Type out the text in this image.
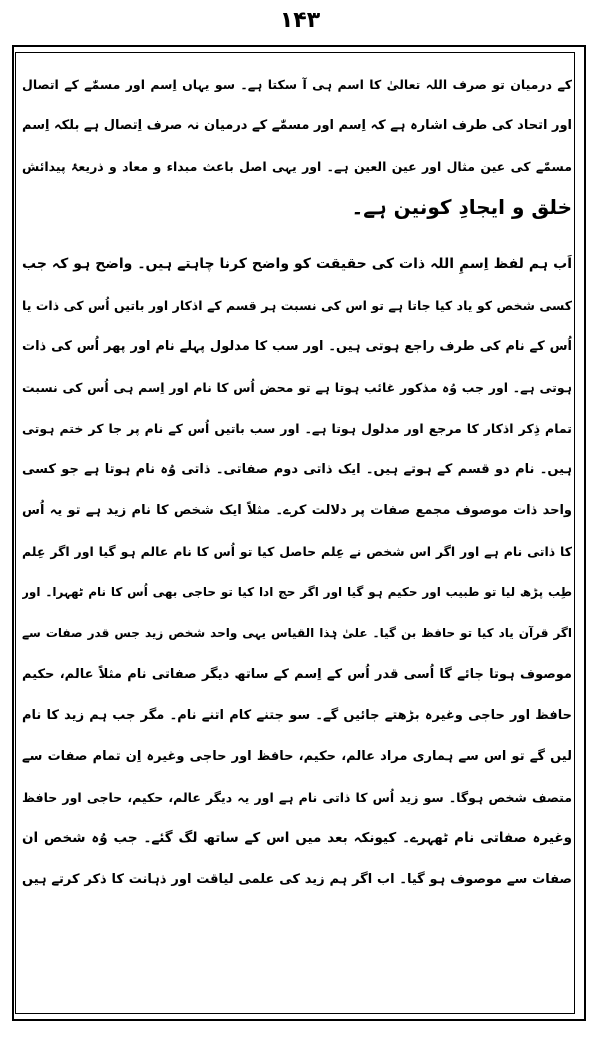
۱۴۳
کے درمیان تو صرف اللہ تعالیٰ کا اسم ہی آ سکتا ہے۔ سو یہاں اِسم اور مسمّٰے کے اتصال
اور اتحاد کی طرف اشارہ ہے کہ اِسم اور مسمّٰے کے درمیان نہ صرف اِتصال ہے بلکہ اِسم
مسمّٰے کی عین مثال اور عین العین ہے۔ اور یہی اصل باعث مبداء و معاد و ذریعۂ پیدائش
خلق و ایجادِ کونین ہے۔
اَب ہم لفظ اِسمِ اللہ ذات کی حقیقت کو واضح کرنا چاہتے ہیں۔ واضح ہو کہ جب
کسی شخص کو یاد کیا جاتا ہے تو اس کی نسبت ہر قسم کے اذکار اور باتیں اُس کی ذات یا
اُس کے نام کی طرف راجع ہوتی ہیں۔ اور سب کا مدلول پہلے نام اور پھر اُس کی ذات
ہوتی ہے۔ اور جب وُہ مذکور غائب ہوتا ہے تو محض اُس کا نام اور اِسم ہی اُس کی نسبت
تمام ذِکر اذکار کا مرجع اور مدلول ہوتا ہے۔ اور سب باتیں اُس کے نام پر جا کر ختم ہوتی
ہیں۔ نام دو قسم کے ہوتے ہیں۔ ایک ذاتی دوم صفاتی۔ ذاتی وُہ نام ہوتا ہے جو کسی
واحد ذات موصوف مجمع صفات پر دلالت کرے۔ مثلاً ایک شخص کا نام زید ہے تو یہ اُس
کا ذاتی نام ہے اور اگر اس شخص نے عِلم حاصل کیا تو اُس کا نام عالم ہو گیا اور اگر عِلم
طِب پڑھ لیا تو طبیب اور حکیم ہو گیا اور اگر حج ادا کیا تو حاجی بھی اُس کا نام ٹھہرا۔ اور
اگر قرآن یاد کیا تو حافظ بن گیا۔ علیٰ ہٰذا القیاس یہی واحد شخص زید جس قدر صفات سے
موصوف ہوتا جائے گا اُسی قدر اُس کے اِسم کے ساتھ دیگر صفاتی نام مثلاً عالم، حکیم
حافظ اور حاجی وغیرہ بڑھتے جائیں گے۔ سو جتنے کام اتنے نام۔ مگر جب ہم زید کا نام
لیں گے تو اس سے ہماری مراد عالم، حکیم، حافظ اور حاجی وغیرہ اِن تمام صفات سے
متصف شخص ہوگا۔ سو زید اُس کا ذاتی نام ہے اور یہ دیگر عالم، حکیم، حاجی اور حافظ
وغیرہ صفاتی نام ٹھہرے۔ کیونکہ بعد میں اس کے ساتھ لگ گئے۔ جب وُہ شخص ان
صفات سے موصوف ہو گیا۔ اب اگر ہم زید کی علمی لیاقت اور ذہانت کا ذکر کرتے ہیں
